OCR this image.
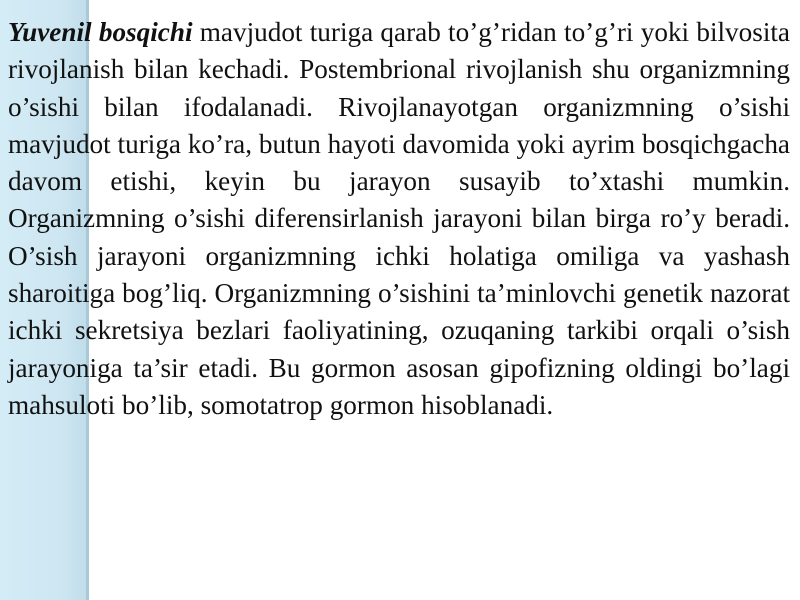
Yuvenil bosqichi mavjudot turiga qarab to’g’ridan to’g’ri yoki bilvosita rivojlanish bilan kechadi. Postembrional rivojlanish shu organizmning o’sishi bilan ifodalanadi. Rivojlanayotgan organizmning o’sishi mavjudot turiga ko’ra, butun hayoti davomida yoki ayrim bosqichgacha davom etishi, keyin bu jarayon susayib to’xtashi mumkin. Organizmning o’sishi diferensirlanish jarayoni bilan birga ro’y beradi. O’sish jarayoni organizmning ichki holatiga omiliga va yashash sharoitiga bog’liq. Organizmning o’sishini ta’minlovchi genetik nazorat ichki sekretsiya bezlari faoliyatining, ozuqaning tarkibi orqali o’sish jarayoniga ta’sir etadi. Bu gormon asosan gipofizning oldingi bo’lagi mahsuloti bo’lib, somotatrop gormon hisoblanadi.
